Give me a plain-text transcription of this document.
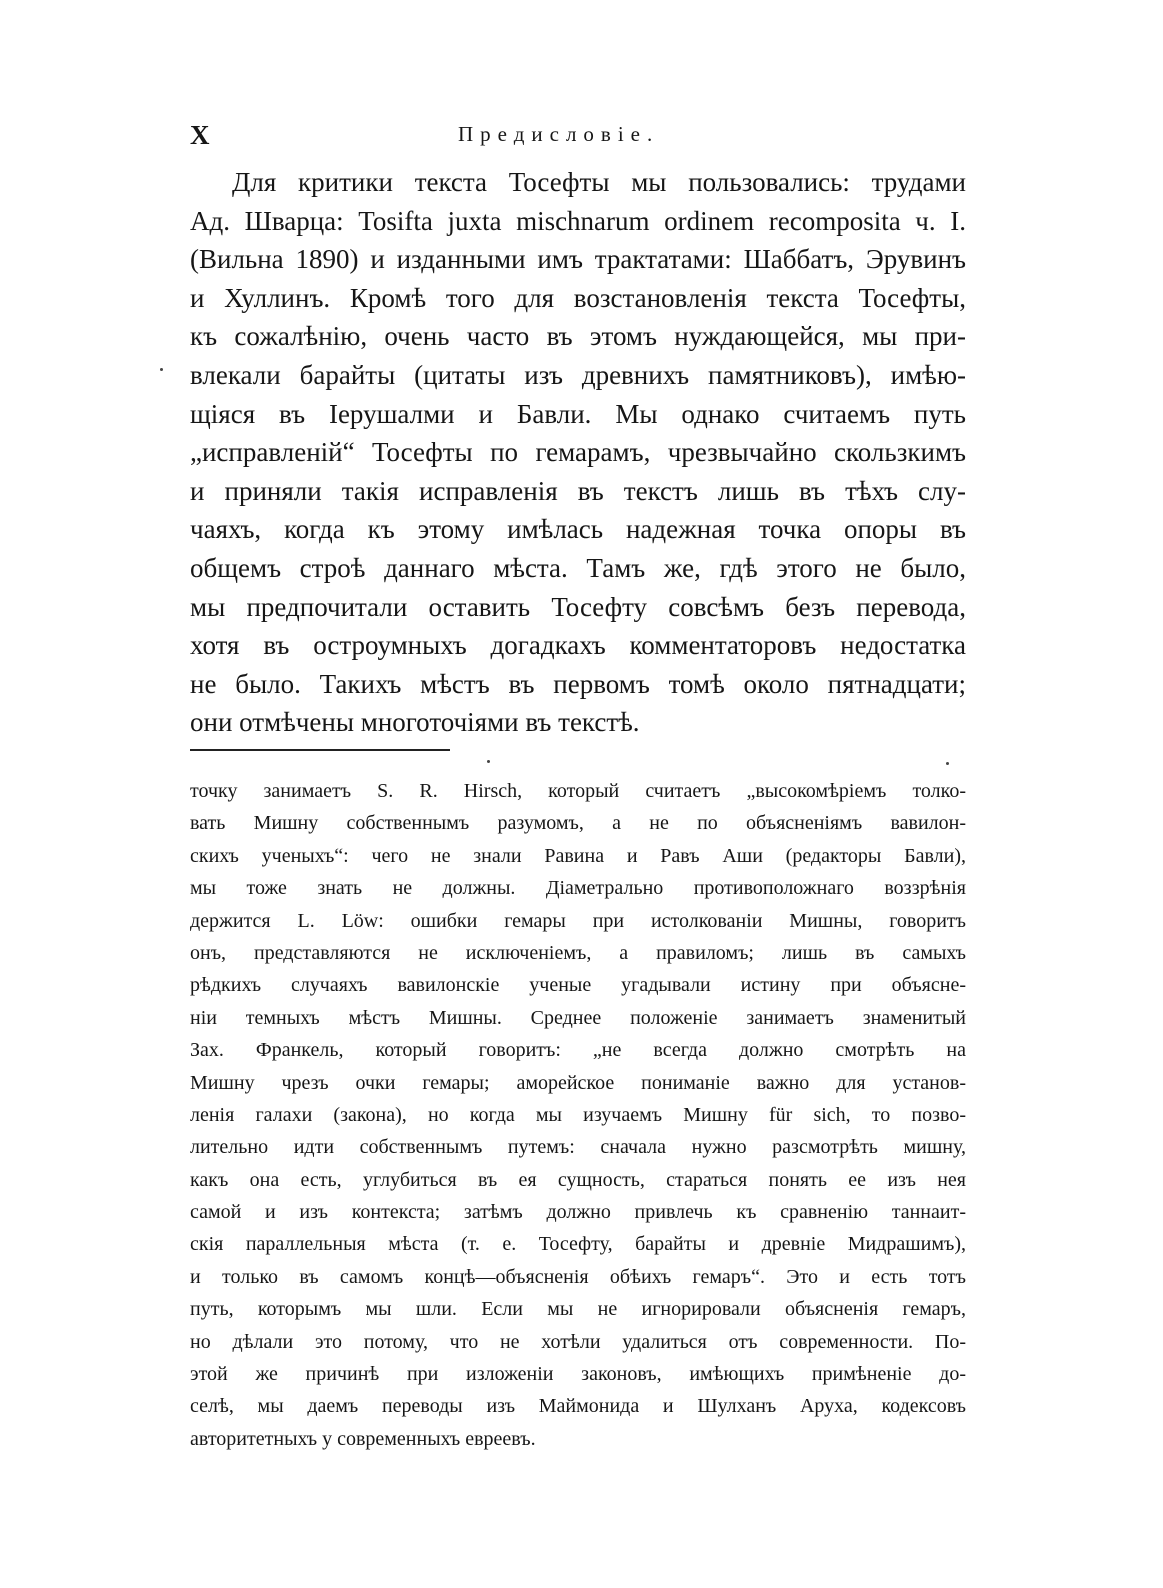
X	Предисловіе.
Для критики текста Тосефты мы пользовались: трудами
Ад. Шварца: Tosifta juxta mischnarum ordinem recomposita ч. I.
(Вильна 1890) и изданными имъ трактатами: Шаббатъ, Эрувинъ
и Хуллинъ. Кромѣ того для возстановленія текста Тосефты,
къ сожалѣнію, очень часто въ этомъ нуждающейся, мы при-
влекали барайты (цитаты изъ древнихъ памятниковъ), имѣю-
щіяся въ Іерушалми и Бавли. Мы однако считаемъ путь
„исправленій“ Тосефты по гемарамъ, чрезвычайно скользкимъ
и приняли такія исправленія въ текстъ лишь въ тѣхъ слу-
чаяхъ, когда къ этому имѣлась надежная точка опоры въ
общемъ строѣ даннаго мѣста. Тамъ же, гдѣ этого не было,
мы предпочитали оставить Тосефту совсѣмъ безъ перевода,
хотя въ остроумныхъ догадкахъ комментаторовъ недостатка
не было. Такихъ мѣстъ въ первомъ томѣ около пятнадцати;
они отмѣчены многоточіями въ текстѣ.
точку занимаетъ S. R. Hirsch, который считаетъ „высокомѣріемъ толко-
вать Мишну собственнымъ разумомъ, а не по объясненіямъ вавилон-
скихъ ученыхъ“: чего не знали Равина и Равъ Аши (редакторы Бавли),
мы тоже знать не должны. Діаметрально противоположнаго воззрѣнія
держится L. Löw: ошибки гемары при истолкованіи Мишны, говоритъ
онъ, представляются не исключеніемъ, а правиломъ; лишь въ самыхъ
рѣдкихъ случаяхъ вавилонскіе ученые угадывали истину при объясне-
ніи темныхъ мѣстъ Мишны. Среднее положеніе занимаетъ знаменитый
Зах. Франкель, который говоритъ: „не всегда должно смотрѣть на
Мишну чрезъ очки гемары; аморейское пониманіе важно для установ-
ленія галахи (закона), но когда мы изучаемъ Мишну für sich, то позво-
лительно идти собственнымъ путемъ: сначала нужно разсмотрѣть мишну,
какъ она есть, углубиться въ ея сущность, стараться понять ее изъ нея
самой и изъ контекста; затѣмъ должно привлечь къ сравненію таннаит-
скія параллельныя мѣста (т. е. Тосефту, барайты и древніе Мидрашимъ),
и только въ самомъ концѣ—объясненія обѣихъ гемаръ“. Это и есть тотъ
путь, которымъ мы шли. Если мы не игнорировали объясненія гемаръ,
но дѣлали это потому, что не хотѣли удалиться отъ современности. По-
этой же причинѣ при изложеніи законовъ, имѣющихъ примѣненіе до-
селѣ, мы даемъ переводы изъ Маймонида и Шулханъ Аруха, кодексовъ
авторитетныхъ у современныхъ евреевъ.
